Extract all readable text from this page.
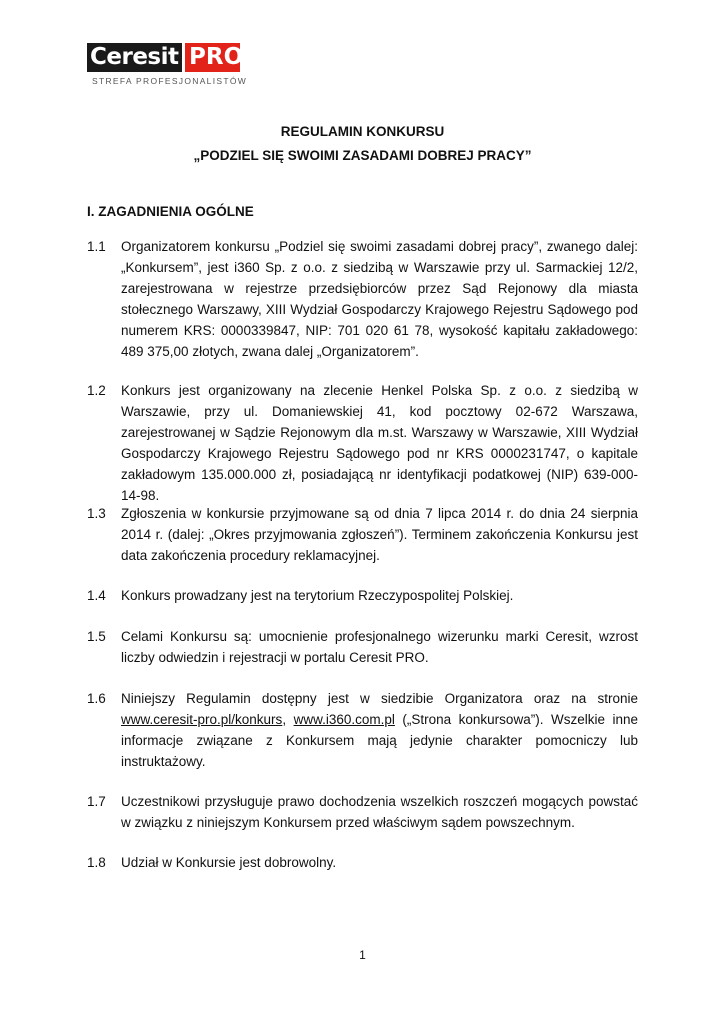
Ceresit PRO
STREFA PROFESJONALISTÓW
REGULAMIN KONKURSU
„PODZIEL SIĘ SWOIMI ZASADAMI DOBREJ PRACY”
I. ZAGADNIENIA OGÓLNE
1.1	Organizatorem konkursu „Podziel się swoimi zasadami dobrej pracy”, zwanego dalej: „Konkursem”, jest i360 Sp. z o.o. z siedzibą w Warszawie przy ul. Sarmackiej 12/2, zarejestrowana w rejestrze przedsiębiorców przez Sąd Rejonowy dla miasta stołecznego Warszawy, XIII Wydział Gospodarczy Krajowego Rejestru Sądowego pod numerem KRS: 0000339847, NIP: 701 020 61 78, wysokość kapitału zakładowego: 489 375,00 złotych, zwana dalej „Organizatorem”.
1.2	Konkurs jest organizowany na zlecenie Henkel Polska Sp. z o.o. z siedzibą w Warszawie, przy ul. Domaniewskiej 41, kod pocztowy 02-672 Warszawa, zarejestrowanej w Sądzie Rejonowym dla m.st. Warszawy w Warszawie, XIII Wydział Gospodarczy Krajowego Rejestru Sądowego pod nr KRS 0000231747, o kapitale zakładowym 135.000.000 zł, posiadającą nr identyfikacji podatkowej (NIP) 639-000-14-98.
1.3	Zgłoszenia w konkursie przyjmowane są od dnia 7 lipca 2014 r. do dnia 24 sierpnia 2014 r. (dalej: „Okres przyjmowania zgłoszeń”). Terminem zakończenia Konkursu jest data zakończenia procedury reklamacyjnej.
1.4	Konkurs prowadzany jest na terytorium Rzeczypospolitej Polskiej.
1.5	Celami Konkursu są: umocnienie profesjonalnego wizerunku marki Ceresit, wzrost liczby odwiedzin i rejestracji w portalu Ceresit PRO.
1.6	Niniejszy Regulamin dostępny jest w siedzibie Organizatora oraz na stronie www.ceresit-pro.pl/konkurs, www.i360.com.pl („Strona konkursowa”). Wszelkie inne informacje związane z Konkursem mają jedynie charakter pomocniczy lub instruktażowy.
1.7	Uczestnikowi przysługuje prawo dochodzenia wszelkich roszczeń mogących powstać w związku z niniejszym Konkursem przed właściwym sądem powszechnym.
1.8	Udział w Konkursie jest dobrowolny.
1
